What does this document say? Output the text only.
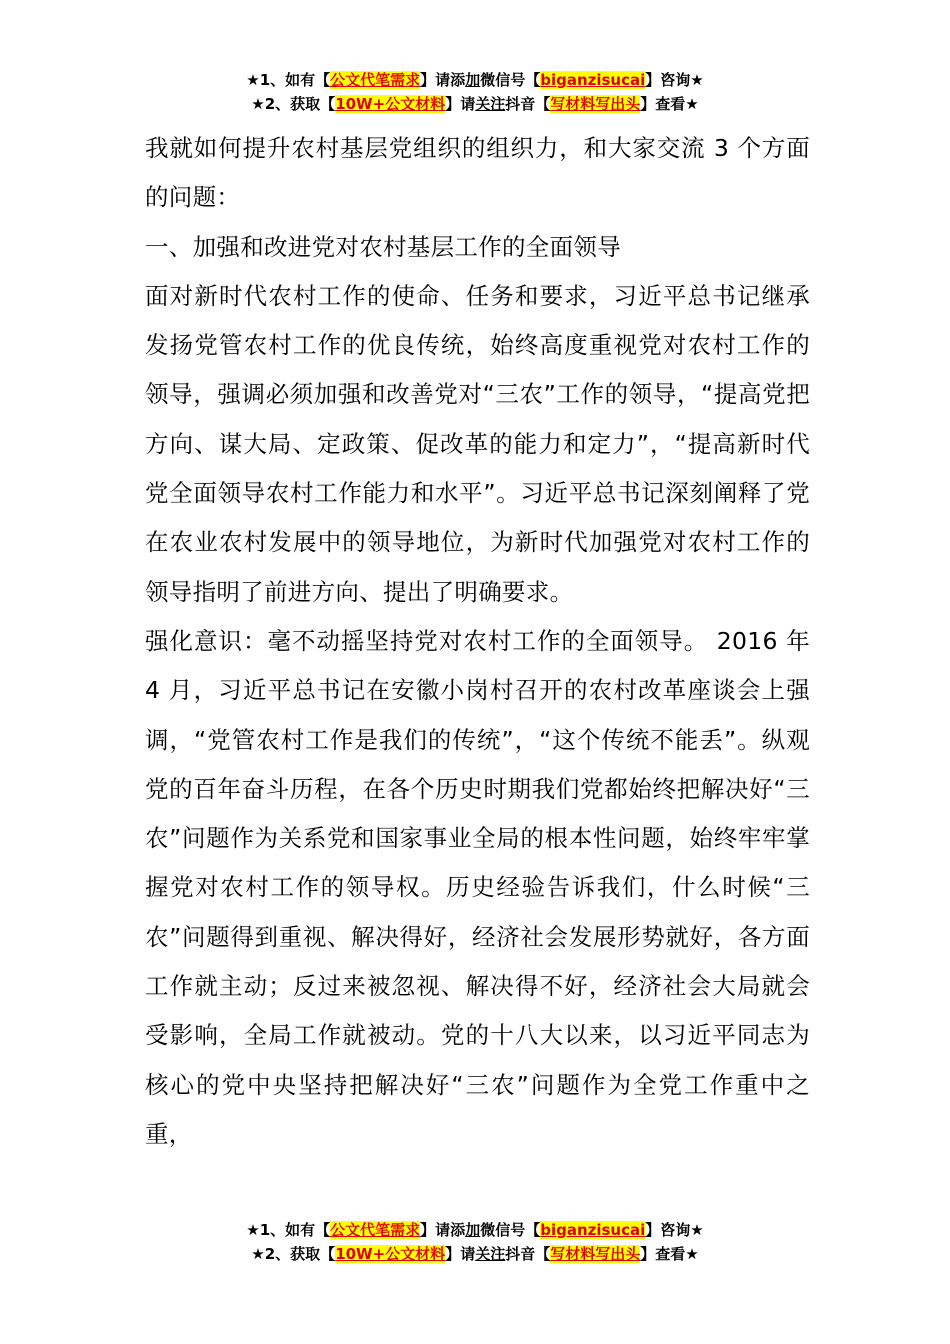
★1、如有【公文代笔需求】请添加微信号【biganzisucai】咨询★
★2、获取【10W+公文材料】请关注抖音【写材料写出头】查看★

我就如何提升农村基层党组织的组织力，和大家交流 3 个方面的问题：

一、加强和改进党对农村基层工作的全面领导

面对新时代农村工作的使命、任务和要求，习近平总书记继承发扬党管农村工作的优良传统，始终高度重视党对农村工作的领导，强调必须加强和改善党对“三农”工作的领导，“提高党把方向、谋大局、定政策、促改革的能力和定力”，“提高新时代党全面领导农村工作能力和水平”。习近平总书记深刻阐释了党在农业农村发展中的领导地位，为新时代加强党对农村工作的领导指明了前进方向、提出了明确要求。

强化意识：毫不动摇坚持党对农村工作的全面领导。 2016 年 4 月，习近平总书记在安徽小岗村召开的农村改革座谈会上强调，“党管农村工作是我们的传统”，“这个传统不能丢”。纵观党的百年奋斗历程，在各个历史时期我们党都始终把解决好“三农”问题作为关系党和国家事业全局的根本性问题，始终牢牢掌握党对农村工作的领导权。历史经验告诉我们，什么时候“三农”问题得到重视、解决得好，经济社会发展形势就好，各方面工作就主动；反过来被忽视、解决得不好，经济社会大局就会受影响，全局工作就被动。党的十八大以来，以习近平同志为核心的党中央坚持把解决好“三农”问题作为全党工作重中之重，

★1、如有【公文代笔需求】请添加微信号【biganzisucai】咨询★
★2、获取【10W+公文材料】请关注抖音【写材料写出头】查看★
